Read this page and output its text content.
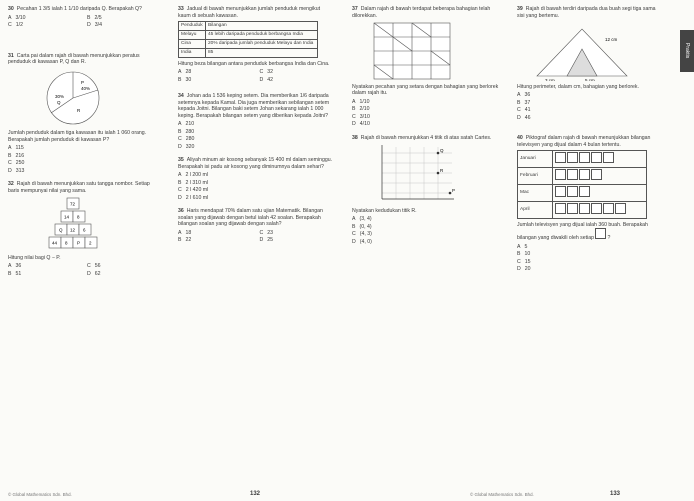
30 Pecahan 1 3/5 ialah 1 1/10 daripada Q. Berapakah Q?

A 3/10	B 2/5
C 1/2	D 3/4

31 Carta pai dalam rajah di bawah menunjukkan peratus penduduk di kawasan P, Q dan R.

P
40%
30%
Q
R

Jumlah penduduk dalam tiga kawasan itu ialah 1 060 orang. Berapakah jumlah penduduk di kawasan P?

A 115
B 216
C 250
D 313

32 Rajah di bawah menunjukkan satu tangga nombor. Setiap baris mempunyai nilai yang sama.

72
14 8
Q 12 6
44 8 P 2

Hitung nilai bagi Q − P.

A 36	C 56
B 51	D 62
© Global Mathematics Sdn. Bhd.

33 Jadual di bawah menunjukkan jumlah penduduk mengikut kaum di sebuah kawasan.

Penduduk	Bilangan
Melayu	45 lebih daripada penduduk berbangsa India
Cina	20% daripada jumlah penduduk Melayu dan India
India	85

Hitung beza bilangan antara penduduk berbangsa India dan Cina.

A 28	C 32
B 30	D 42

34 Johan ada 1 536 keping setem. Dia memberikan 1/6 daripada setemnya kepada Kamal. Dia juga memberikan sebilangan setem kepada Joitni. Bilangan baki setem Johan sekarang ialah 1 000 keping. Berapakah bilangan setem yang diberikan kepada Joitni?

A 210
B 280
C 280
D 320

35 Aliyah minum air kosong sebanyak 15 400 ml dalam seminggu. Berapakah isi padu air kosong yang diminumnya dalam sehari?

A 2 l 200 ml
B 2 l 310 ml
C 2 l 420 ml
D 2 l 610 ml

36 Haris mendapat 70% dalam satu ujian Matematik. Bilangan soalan yang dijawab dengan betul ialah 42 soalan. Berapakah bilangan soalan yang dijawab dengan salah?

A 18	C 23
B 22	D 25
132

37 Dalam rajah di bawah terdapat beberapa bahagian telah dilorekkan.

Nyatakan pecahan yang setara dengan bahagian yang berlorek dalam rajah itu.

A 1/10
B 2/10
C 3/10
D 4/10

38 Rajah di bawah menunjukkan 4 titik di atas satah Cartes.

Q
R
P

Nyatakan kedudukan titik R.

A (3, 4)
B (0, 4)
C (4, 3)
D (4, 0)

39 Rajah di bawah terdiri daripada dua buah segi tiga sama sisi yang bertemu.

12 cm
5 cm
3 cm

Hitung perimeter, dalam cm, bahagian yang berlorek.

A 36
B 37
C 41
D 46

40 Piktograf dalam rajah di bawah menunjukkan bilangan televisyen yang dijual dalam 4 bulan tertentu.

Januari	
Februari	
Mac	
April	

Jumlah televisyen yang dijual ialah 360 buah. Berapakah bilangan yang diwakili oleh setiap	?

A 5
B 10
C 15
D 20
Praktis
© Global Mathematics Sdn. Bhd.	133
